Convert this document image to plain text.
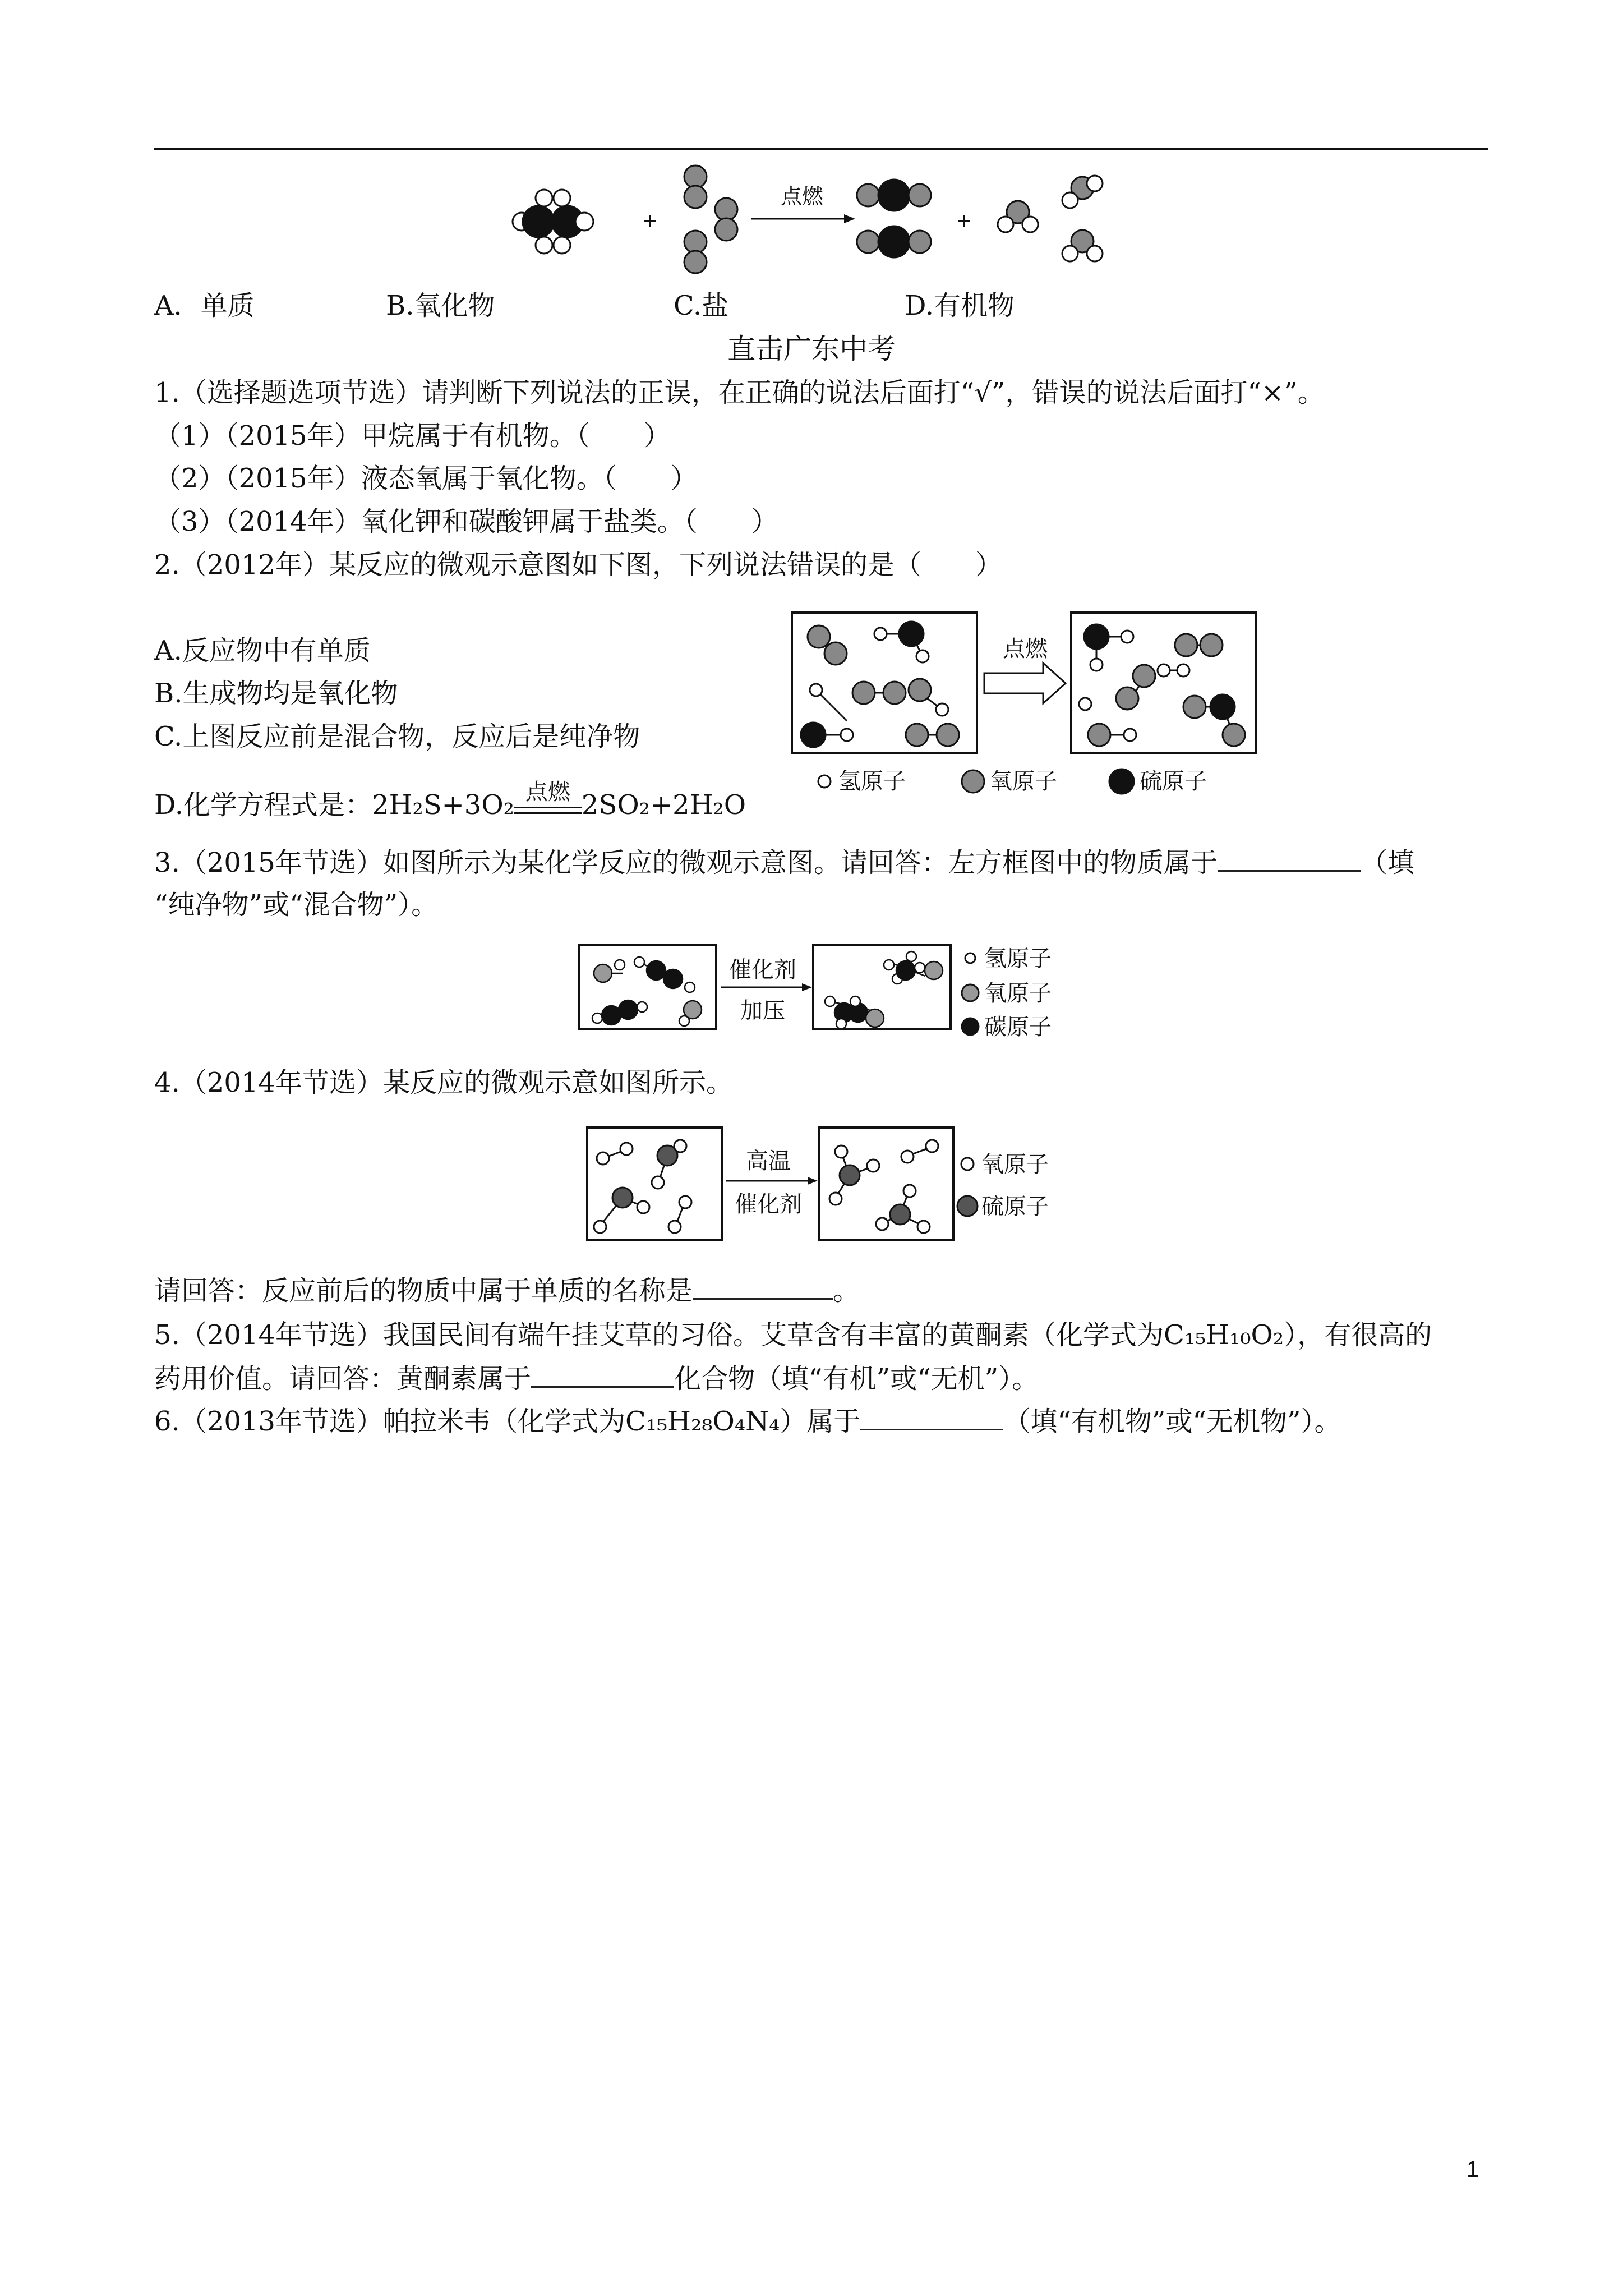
+
点燃
+
A．单质	B.氧化物	C.盐	D.有机物
直击广东中考
1.（选择题选项节选）请判断下列说法的正误，在正确的说法后面打“√”，错误的说法后面打“×”。
（1）（2015年）甲烷属于有机物。（　　）
（2）（2015年）液态氧属于氧化物。（　　）
（3）（2014年）氧化钾和碳酸钾属于盐类。（　　）
2.（2012年）某反应的微观示意图如下图，下列说法错误的是（　　）
A.反应物中有单质
B.生成物均是氧化物
C.上图反应前是混合物，反应后是纯净物
D.化学方程式是：2H₂S+3O₂ 点燃 2SO₂+2H₂O
点燃
氢原子	氧原子	硫原子
3.（2015年节选）如图所示为某化学反应的微观示意图。请回答：左方框图中的物质属于	（填
“纯净物”或“混合物”）。
催化剂
加压
氢原子
氧原子
碳原子
4.（2014年节选）某反应的微观示意如图所示。
高温
催化剂
氧原子
硫原子
请回答：反应前后的物质中属于单质的名称是	。
5.（2014年节选）我国民间有端午挂艾草的习俗。艾草含有丰富的黄酮素（化学式为C₁₅H₁₀O₂），有很高的
药用价值。请回答：黄酮素属于	化合物（填“有机”或“无机”）。
6.（2013年节选）帕拉米韦（化学式为C₁₅H₂₈O₄N₄）属于	（填“有机物”或“无机物”）。
1
